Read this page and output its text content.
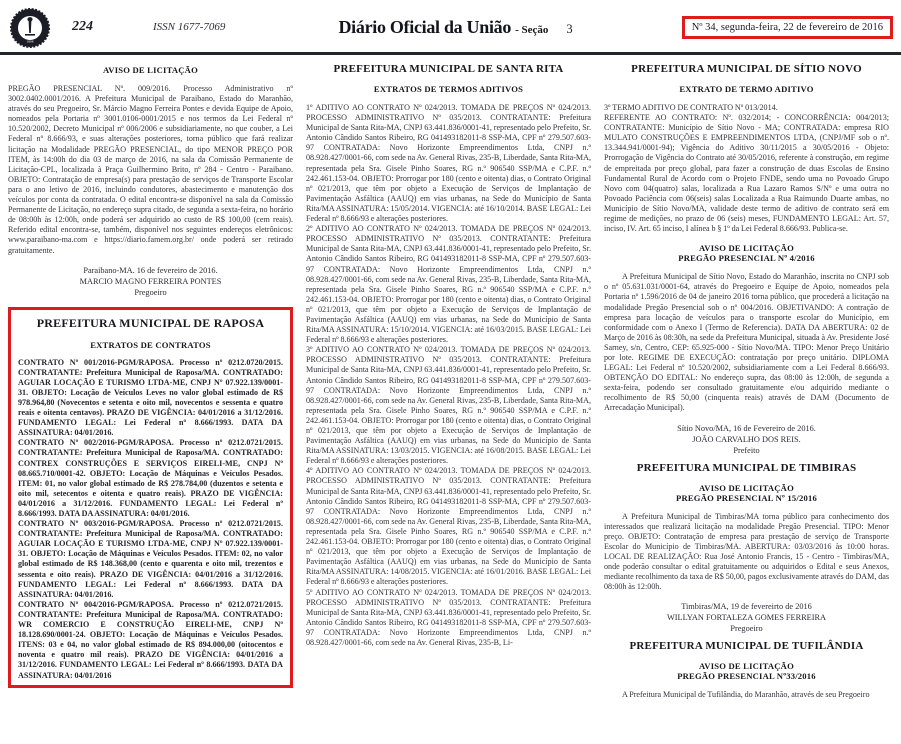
1808
224	ISSN 1677-7069	Diário Oficial da União - Seção 3	Nº 34, segunda-feira, 22 de fevereiro de 2016
AVISO DE LICITAÇÃO

PREGÃO PRESENCIAL Nº. 009/2016. Processo Administrativo nº 3002.0402.0001/2016. A Prefeitura Municipal de Paraibano, Estado do Maranhão, através do seu Pregoeiro, Sr. Márcio Magno Ferreira Pontes e devida Equipe de Apoio, nomeados pela Portaria nº 3001.0106-0001/2015 e nos termos da Lei Federal nº 10.520/2002, Decreto Municipal nº 006/2006 e subsidiariamente, no que couber, a Lei Federal nº 8.666/93, e suas alterações posteriores, torna público que fará realizar licitação na Modalidade PREGÃO PRESENCIAL, do tipo MENOR PREÇO POR ITEM, às 14:00h do dia 03 de março de 2016, na sala da Comissão Permanente de Licitação-CPL, localizada à Praça Guilhermino Brito, nº 284 - Centro - Paraibano. OBJETO: Contratação de empresa(s) para prestação de serviços de Transporte Escolar para o ano letivo de 2016, incluindo condutores, abastecimento e manutenção dos veículos por conta da contratada. O edital encontra-se disponível na sala da Comissão Permanente de Licitação, no endereço supra citado, de segunda a sexta-feira, no horário de 08:00h às 12:00h, onde poderá ser adquirido ao custo de R$ 100,00 (cem reais). Referido edital encontra-se, também, disponível nos seguintes endereços eletrônicos: www.paraibano-ma.com e https://diario.famem.org.br/ onde poderá ser retirado gratuitamente.

Paraibano-MA. 16 de fevereiro de 2016.
MARCIO MAGNO FERREIRA PONTES
Pregoeiro
PREFEITURA MUNICIPAL DE RAPOSA
EXTRATOS DE CONTRATOS

CONTRATO Nº 001/2016-PGM/RAPOSA. Processo nº 0212.0720/2015. CONTRATANTE: Prefeitura Municipal de Raposa/MA. CONTRATADO: AGUIAR LOCAÇÃO E TURISMO LTDA-ME, CNPJ Nº 07.922.139/0001-31. OBJETO: Locação de Veículos Leves no valor global estimado de R$ 978.964,80 (Novecentos e setenta e oito mil, novecentos e sessenta e quatro reais e oitenta centavos). PRAZO DE VIGÊNCIA: 04/01/2016 a 31/12/2016. FUNDAMENTO LEGAL: Lei Federal nº 8.666/1993. DATA DA ASSINATURA: 04/01/2016.

CONTRATO Nº 002/2016-PGM/RAPOSA. Processo nº 0212.0721/2015. CONTRATANTE: Prefeitura Municipal de Raposa/MA. CONTRATADO: CONTREX CONSTRUÇÕES E SERVIÇOS EIRELI-ME, CNPJ Nº 08.665.710/0001-42. OBJETO: Locação de Máquinas e Veículos Pesados. ITEM: 01, no valor global estimado de R$ 278.784,00 (duzentos e setenta e oito mil, setecentos e oitenta e quatro reais). PRAZO DE VIGÊNCIA: 04/01/2016 a 31/12/2016. FUNDAMENTO LEGAL: Lei Federal nº 8.666/1993. DATA DA ASSINATURA: 04/01/2016.

CONTRATO Nº 003/2016-PGM/RAPOSA. Processo nº 0212.0721/2015. CONTRATANTE: Prefeitura Municipal de Raposa/MA. CONTRATADO: AGUIAR LOCAÇÃO E TURISMO LTDA-ME, CNPJ Nº 07.922.139/0001-31. OBJETO: Locação de Máquinas e Veículos Pesados. ITEM: 02, no valor global estimado de R$ 148.368,00 (cento e quarenta e oito mil, trezentos e sessenta e oito reais). PRAZO DE VIGÊNCIA: 04/01/2016 a 31/12/2016. FUNDAMENTO LEGAL: Lei Federal nº 8.666/1993. DATA DA ASSINATURA: 04/01/2016.

CONTRATO Nº 004/2016-PGM/RAPOSA. Processo nº 0212.0721/2015. CONTRATANTE: Prefeitura Municipal de Raposa/MA. CONTRATADO: WR COMERCIO E CONSTRUÇÃO EIRELI-ME, CNPJ Nº 18.128.690/0001-24. OBJETO: Locação de Máquinas e Veículos Pesados. ITENS: 03 e 04, no valor global estimado de R$ 894.000,00 (oitocentos e noventa e quatro mil reais). PRAZO DE VIGÊNCIA: 04/01/2016 a 31/12/2016. FUNDAMENTO LEGAL: Lei Federal nº 8.666/1993. DATA DA ASSINATURA: 04/01/2016

PREFEITURA MUNICIPAL DE SANTA RITA
EXTRATOS DE TERMOS ADITIVOS

1º ADITIVO AO CONTRATO Nº 024/2013. TOMADA DE PREÇOS Nº 024/2013. PROCESSO ADMINISTRATIVO Nº 035/2013. CONTRATANTE: Prefeitura Municipal de Santa Rita-MA, CNPJ 63.441.836/0001-41, representado pelo Prefeito, Sr. Antonio Cândido Santos Ribeiro, RG 041493182011-8 SSP-MA, CPF nº 279.507.603-97 CONTRATADA: Novo Horizonte Empreendimentos Ltda, CNPJ n.º 08.928.427/0001-66, com sede na Av. General Rivas, 235-B, Liberdade, Santa Rita-MA, representada pela Sra. Gisele Pinho Soares, RG n.º 906540 SSP/MA e C.P.F. n.º 242.461.153-04. OBJETO: Prorrogar por 180 (cento e oitenta) dias, o Contrato Original nº 021/2013, que têm por objeto a Execução de Serviços de Implantação de Pavimentação Asfáltica (AAUQ) em vias urbanas, na Sede do Município de Santa Rita/MA ASSINATURA: 15/05/2014. VIGENCIA: até 16/10/2014. BASE LEGAL: Lei Federal nº 8.666/93 e alterações posteriores.

2º ADITIVO AO CONTRATO Nº 024/2013. TOMADA DE PREÇOS Nº 024/2013. PROCESSO ADMINISTRATIVO Nº 035/2013. CONTRATANTE: Prefeitura Municipal de Santa Rita-MA, CNPJ 63.441.836/0001-41, representado pelo Prefeito, Sr. Antonio Cândido Santos Ribeiro, RG 041493182011-8 SSP-MA, CPF nº 279.507.603-97 CONTRATADA: Novo Horizonte Empreendimentos Ltda, CNPJ n.º 08.928.427/0001-66, com sede na Av. General Rivas, 235-B, Liberdade, Santa Rita-MA, representada pela Sra. Gisele Pinho Soares, RG n.º 906540 SSP/MA e C.P.F. n.º 242.461.153-04. OBJETO: Prorrogar por 180 (cento e oitenta) dias, o Contrato Original nº 021/2013, que têm por objeto a Execução de Serviços de Implantação de Pavimentação Asfáltica (AAUQ) em vias urbanas, na Sede do Município de Santa Rita/MA ASSINATURA: 15/10/2014. VIGENCIA: até 16/03/2015. BASE LEGAL: Lei Federal nº 8.666/93 e alterações posteriores.

3º ADITIVO AO CONTRATO Nº 024/2013. TOMADA DE PREÇOS Nº 024/2013. PROCESSO ADMINISTRATIVO Nº 035/2013. CONTRATANTE: Prefeitura Municipal de Santa Rita-MA, CNPJ 63.441.836/0001-41, representado pelo Prefeito, Sr. Antonio Cândido Santos Ribeiro, RG 041493182011-8 SSP-MA, CPF nº 279.507.603-97 CONTRATADA: Novo Horizonte Empreendimentos Ltda, CNPJ n.º 08.928.427/0001-66, com sede na Av. General Rivas, 235-B, Liberdade, Santa Rita-MA, representada pela Sra. Gisele Pinho Soares, RG n.º 906540 SSP/MA e C.P.F. n.º 242.461.153-04. OBJETO: Prorrogar por 180 (cento e oitenta) dias, o Contrato Original nº 021/2013, que têm por objeto a Execução de Serviços de Implantação de Pavimentação Asfáltica (AAUQ) em vias urbanas, na Sede do Município de Santa Rita/MA ASSINATURA: 13/03/2015. VIGENCIA: até 16/08/2015. BASE LEGAL: Lei Federal nº 8.666/93 e alterações posteriores.

4º ADITIVO AO CONTRATO Nº 024/2013. TOMADA DE PREÇOS Nº 024/2013. PROCESSO ADMINISTRATIVO Nº 035/2013. CONTRATANTE: Prefeitura Municipal de Santa Rita-MA, CNPJ 63.441.836/0001-41, representado pelo Prefeito, Sr. Antonio Cândido Santos Ribeiro, RG 041493182011-8 SSP-MA, CPF nº 279.507.603-97 CONTRATADA: Novo Horizonte Empreendimentos Ltda, CNPJ n.º 08.928.427/0001-66, com sede na Av. General Rivas, 235-B, Liberdade, Santa Rita-MA, representada pela Sra. Gisele Pinho Soares, RG n.º 906540 SSP/MA e C.P.F. n.º 242.461.153-04. OBJETO: Prorrogar por 180 (cento e oitenta) dias, o Contrato Original nº 021/2013, que têm por objeto a Execução de Serviços de Implantação de Pavimentação Asfáltica (AAUQ) em vias urbanas, na Sede do Município de Santa Rita/MA ASSINATURA: 14/08/2015. VIGENCIA: até 16/01/2016. BASE LEGAL: Lei Federal nº 8.666/93 e alterações posteriores.

5º ADITIVO AO CONTRATO Nº 024/2013. TOMADA DE PREÇOS Nº 024/2013. PROCESSO ADMINISTRATIVO Nº 035/2013. CONTRATANTE: Prefeitura Municipal de Santa Rita-MA, CNPJ 63.441.836/0001-41, representado pelo Prefeito, Sr. Antonio Cândido Santos Ribeiro, RG 041493182011-8 SSP-MA, CPF nº 279.507.603-97 CONTRATADA: Novo Horizonte Empreendimentos Ltda, CNPJ n.º 08.928.427/0001-66, com sede na Av. General Rivas, 235-B, Li-

PREFEITURA MUNICIPAL DE SÍTIO NOVO
EXTRATO DE TERMO ADITIVO

3º TERMO ADITIVO DE CONTRATO Nº 013/2014.

REFERENTE AO CONTRATO: Nº. 032/2014; - CONCORRÊNCIA: 004/2013; CONTRATANTE: Município de Sítio Novo - MA; CONTRATADA: empresa RIO MULATO CONSTRUÇÕES E EMPREENDIMENTOS LTDA, (CNPJ/MF sob o nº. 13.344.941/0001-94); Vigência do Aditivo 30/11/2015 a 30/05/2016 - Objeto: Prorrogação de Vigência do Contrato até 30/05/2016, referente à construção, em regime de empreitada por preço global, para fazer a construção de duas Escolas de Ensino Fundamental Rural de Acordo com o Projeto FNDE, sendo uma no Povoado Grupo Novo com 04(quatro) salas, localizada a Rua Lazaro Ramos S/Nº e uma outra no Povoado Paciência com 06(seis) salas Localizada a Rua Raimundo Duarte ambas, no Município de Sítio Novo/MA, validade deste termo de aditivo de contrato será em regime de medições, no prazo de 06 (seis) meses, FUNDAMENTO LEGAL: Art. 57, inciso, IV. Art. 65 inciso, I alínea b § 1º da Lei Federal 8.666/93. Publica-se.

AVISO DE LICITAÇÃO
PREGÃO PRESENCIAL Nº 4/2016

A Prefeitura Municipal de Sítio Novo, Estado do Maranhão, inscrita no CNPJ sob o nº 05.631.031/0001-64, através do Pregoeiro e Equipe de Apoio, nomeados pela Portaria nº 1.596/2016 de 04 de janeiro 2016 torna público, que procederá a licitação na modalidade Pregão Presencial sob o nº 004/2016. OBJETIVANDO: A contração de empresa para locação de veículos para o transporte escolar do Município, em conformidade com o Anexo I (Termo de Referencia). DATA DA ABERTURA: 02 de Março de 2016 às 08:30h, na sede da Prefeitura Municipal, situada à Av. Presidente José Sarney, s/n, Centro, CEP: 65.925-000 - Sítio Novo/MA. TIPO: Menor Preço Unitário por lote. REGIME DE EXECUÇÃO: contratação por preço unitário. DIPLOMA LEGAL: Lei Federal nº 10.520/2002, subsidiariamente com a Lei Federal 8.666/93. OBTENÇÃO DO EDITAL: No endereço supra, das 08:00 às 12:00h, de segunda a sexta-feira, podendo ser consultado gratuitamente e/ou adquirido mediante o recolhimento de R$ 50,00 (cinquenta reais) através de DAM (Documento de Arrecadação Municipal).

Sítio Novo/MA, 16 de Fevereiro de 2016.
JOÃO CARVALHO DOS REIS.
Prefeito
PREFEITURA MUNICIPAL DE TIMBIRAS
AVISO DE LICITAÇÃO
PREGÃO PRESENCIAL Nº 15/2016

A Prefeitura Municipal de Timbiras/MA torna público para conhecimento dos interessados que realizará licitação na modalidade Pregão Presencial. TIPO: Menor preço. OBJETO: Contratação de empresa para prestação de serviço de Transporte Escolar do Município de Timbiras/MA. ABERTURA: 03/03/2016 às 10:00 horas. LOCAL DE REALIZAÇÃO: Rua José Antonio Francis, 15 - Centro - Timbiras/MA, onde poderão consultar o edital gratuitamente ou adquiridos o Edital e seus Anexos, mediante recolhimento da taxa de R$ 50,00, pagos exclusivamente através do DAM, das 08:00h às 12:00h.

Timbiras/MA, 19 de fevereirto de 2016
WILLYAN FORTALEZA GOMES FERREIRA
Pregoeiro
PREFEITURA MUNICIPAL DE TUFILÂNDIA
AVISO DE LICITAÇÃO
PREGÃO PRESENCIAL Nº33/2016

A Prefeitura Municipal de Tufilândia, do Maranhão, através de seu Pregoeiro
